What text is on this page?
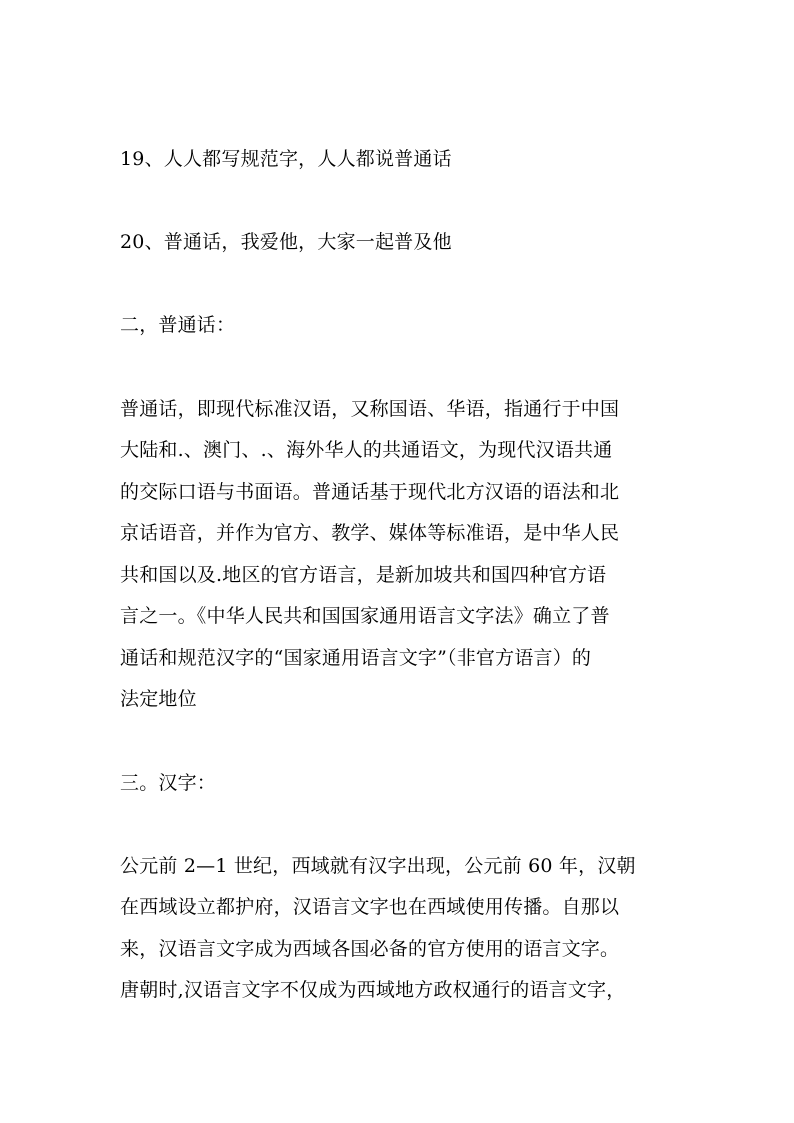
19、人人都写规范字，人人都说普通话
20、普通话，我爱他，大家一起普及他
二，普通话：
普通话，即现代标准汉语，又称国语、华语，指通行于中国
大陆和.、澳门、.、海外华人的共通语文，为现代汉语共通
的交际口语与书面语。普通话基于现代北方汉语的语法和北
京话语音，并作为官方、教学、媒体等标准语，是中华人民
共和国以及.地区的官方语言，是新加坡共和国四种官方语
言之一。《中华人民共和国国家通用语言文字法》确立了普
通话和规范汉字的“国家通用语言文字”（非官方语言）的
法定地位
三。汉字：
公元前 2—1 世纪，西域就有汉字出现，公元前 60 年，汉朝
在西域设立都护府，汉语言文字也在西域使用传播。自那以
来，汉语言文字成为西域各国必备的官方使用的语言文字。
唐朝时,汉语言文字不仅成为西域地方政权通行的语言文字，
